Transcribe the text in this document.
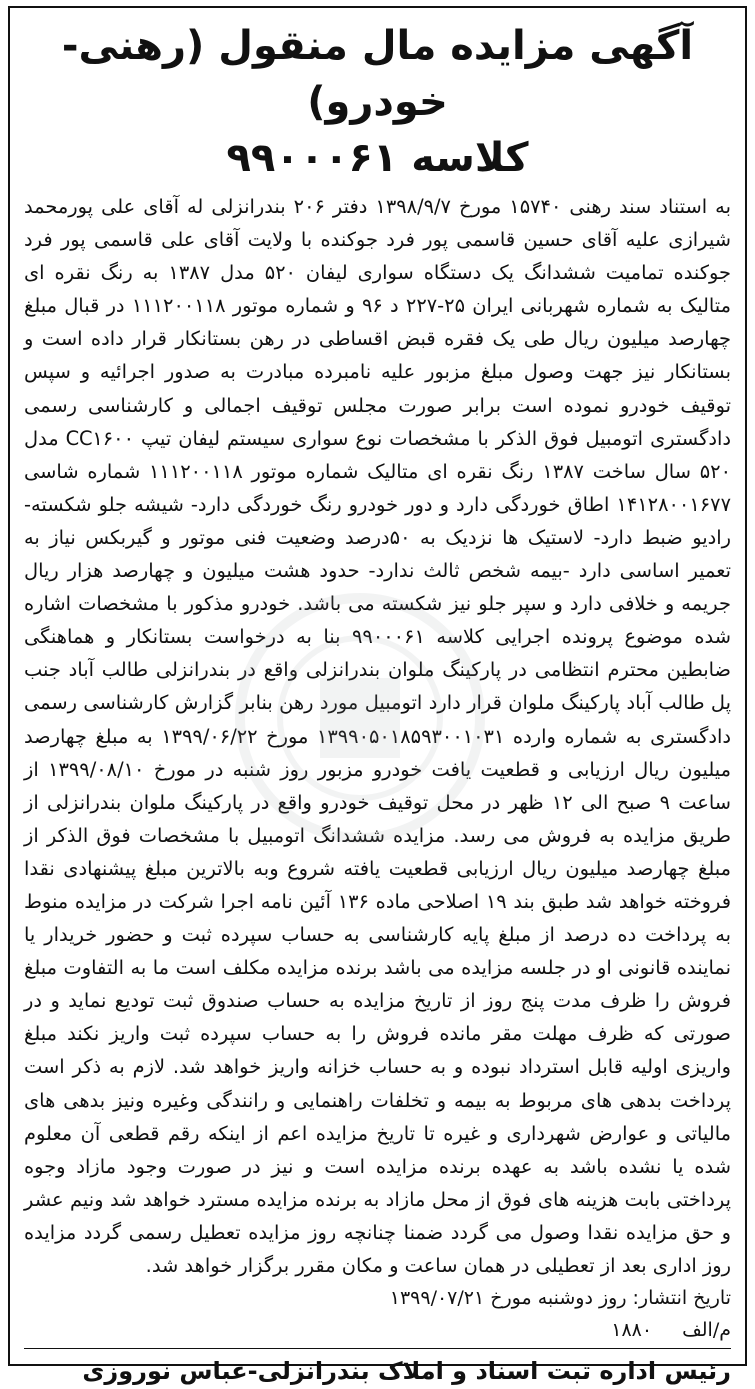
آگهی مزایده مال منقول (رهنی-خودرو)
کلاسه ۹۹۰۰۰۶۱

به استناد سند رهنی ۱۵۷۴۰ مورخ ۱۳۹۸/۹/۷ دفتر ۲۰۶ بندرانزلی له آقای علی پورمحمد شیرازی علیه آقای حسین قاسمی پور فرد جوکنده با ولایت آقای علی قاسمی پور فرد جوکنده تمامیت ششدانگ یک دستگاه سواری لیفان ۵۲۰ مدل ۱۳۸۷ به رنگ نقره ای متالیک به شماره شهربانی ایران ۲۵-۲۲۷ د ۹۶ و شماره موتور ۱۱۱۲۰۰۱۱۸ در قبال مبلغ چهارصد میلیون ریال طی یک فقره قبض اقساطی در رهن بستانکار قرار داده است و بستانکار نیز جهت وصول مبلغ مزبور علیه نامبرده مبادرت به صدور اجرائیه و سپس توقیف خودرو نموده است برابر صورت مجلس توقیف اجمالی و کارشناسی رسمی دادگستری اتومبیل فوق الذکر با مشخصات نوع سواری سیستم لیفان تیپ CC۱۶۰۰ مدل ۵۲۰ سال ساخت ۱۳۸۷ رنگ نقره ای متالیک شماره موتور ۱۱۱۲۰۰۱۱۸ شماره شاسی ۱۴۱۲۸۰۰۱۶۷۷ اطاق خوردگی دارد و دور خودرو رنگ خوردگی دارد- شیشه جلو شکسته-رادیو ضبط دارد- لاستیک ها نزدیک به ۵۰درصد وضعیت فنی موتور و گیربکس نیاز به تعمیر اساسی دارد -بیمه شخص ثالث ندارد- حدود هشت میلیون و چهارصد هزار ریال جریمه و خلافی دارد و سپر جلو نیز شکسته می باشد. خودرو مذکور با مشخصات اشاره شده موضوع پرونده اجرایی کلاسه ۹۹۰۰۰۶۱ بنا به درخواست بستانکار و هماهنگی ضابطین محترم انتظامی در پارکینگ ملوان بندرانزلی واقع در بندرانزلی طالب آباد جنب پل طالب آباد پارکینگ ملوان قرار دارد اتومبیل مورد رهن بنابر گزارش کارشناسی رسمی دادگستری به شماره وارده ۱۳۹۹۰۵۰۱۸۵۹۳۰۰۱۰۳۱ مورخ ۱۳۹۹/۰۶/۲۲ به مبلغ چهارصد میلیون ریال ارزیابی و قطعیت یافت خودرو مزبور روز شنبه در مورخ ۱۳۹۹/۰۸/۱۰ از ساعت ۹ صبح الی ۱۲ ظهر در محل توقیف خودرو واقع در پارکینگ ملوان بندرانزلی از طریق مزایده به فروش می رسد. مزایده ششدانگ اتومبیل با مشخصات فوق الذکر از مبلغ چهارصد میلیون ریال ارزیابی قطعیت یافته شروع وبه بالاترین مبلغ پیشنهادی نقدا فروخته خواهد شد طبق بند ۱۹ اصلاحی ماده ۱۳۶ آئین نامه اجرا شرکت در مزایده منوط به پرداخت ده درصد از مبلغ پایه کارشناسی به حساب سپرده ثبت و حضور خریدار یا نماینده قانونی او در جلسه مزایده می باشد برنده مزایده مکلف است ما به التفاوت مبلغ فروش را ظرف مدت پنج روز از تاریخ مزایده به حساب صندوق ثبت تودیع نماید و در صورتی که ظرف مهلت مقر مانده فروش را به حساب سپرده ثبت واریز نکند مبلغ واریزی اولیه قابل استرداد نبوده و به حساب خزانه واریز خواهد شد. لازم به ذکر است پرداخت بدهی های مربوط به بیمه و تخلفات راهنمایی و رانندگی وغیره ونیز بدهی های مالیاتی و عوارض شهرداری و غیره تا تاریخ مزایده اعم از اینکه رقم قطعی آن معلوم شده یا نشده باشد به عهده برنده مزایده است و نیز در صورت وجود مازاد وجوه پرداختی بابت هزینه های فوق از محل مازاد به برنده مزایده مسترد خواهد شد ونیم عشر و حق مزایده نقدا وصول می گردد ضمنا چنانچه روز مزایده تعطیل رسمی گردد مزایده روز اداری بعد از تعطیلی در همان ساعت و مکان مقرر برگزار خواهد شد.

تاریخ انتشار: روز دوشنبه مورخ ۱۳۹۹/۰۷/۲۱

م/الف
۱۸۸۰

رئیس اداره ثبت اسناد و املاک بندرانزلی-عباس نوروزی
